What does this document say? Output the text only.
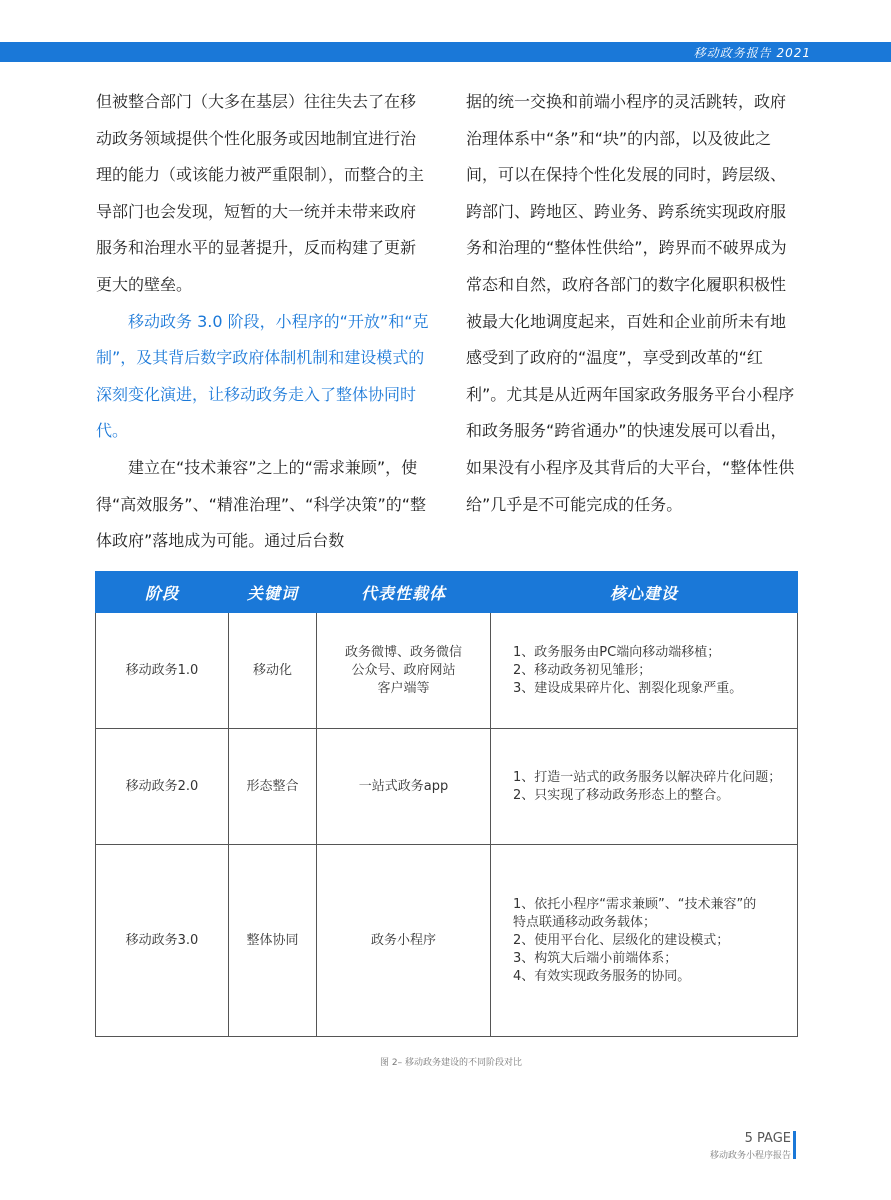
移动政务报告 2021

但被整合部门（大多在基层）往往失去了在移动政务领域提供个性化服务或因地制宜进行治理的能力（或该能力被严重限制），而整合的主导部门也会发现，短暂的大一统并未带来政府服务和治理水平的显著提升，反而构建了更新更大的壁垒。

移动政务 3.0 阶段，小程序的“开放”和“克制”，及其背后数字政府体制机制和建设模式的深刻变化演进，让移动政务走入了整体协同时代。

建立在“技术兼容”之上的“需求兼顾”，使得“高效服务”、“精准治理”、“科学决策”的“整体政府”落地成为可能。通过后台数

据的统一交换和前端小程序的灵活跳转，政府治理体系中“条”和“块”的内部，以及彼此之间，可以在保持个性化发展的同时，跨层级、跨部门、跨地区、跨业务、跨系统实现政府服务和治理的“整体性供给”，跨界而不破界成为常态和自然，政府各部门的数字化履职积极性被最大化地调度起来，百姓和企业前所未有地感受到了政府的“温度”，享受到改革的“红利”。尤其是从近两年国家政务服务平台小程序和政务服务“跨省通办”的快速发展可以看出，如果没有小程序及其背后的大平台，“整体性供给”几乎是不可能完成的任务。

阶段	关键词	代表性载体	核心建设
移动政务1.0	移动化	政务微博、政务微信
公众号、政府网站
客户端等	1、政务服务由PC端向移动端移植；
2、移动政务初见雏形；
3、建设成果碎片化、割裂化现象严重。

移动政务2.0	形态整合	一站式政务app	1、打造一站式的政务服务以解决碎片化问题；
2、只实现了移动政务形态上的整合。

移动政务3.0	整体协同	政务小程序	1、依托小程序“需求兼顾”、“技术兼容”的
特点联通移动政务载体；
2、使用平台化、层级化的建设模式；
3、构筑大后端小前端体系；
4、有效实现政务服务的协同。
图 2– 移动政务建设的不同阶段对比
5 PAGE
移动政务小程序报告
